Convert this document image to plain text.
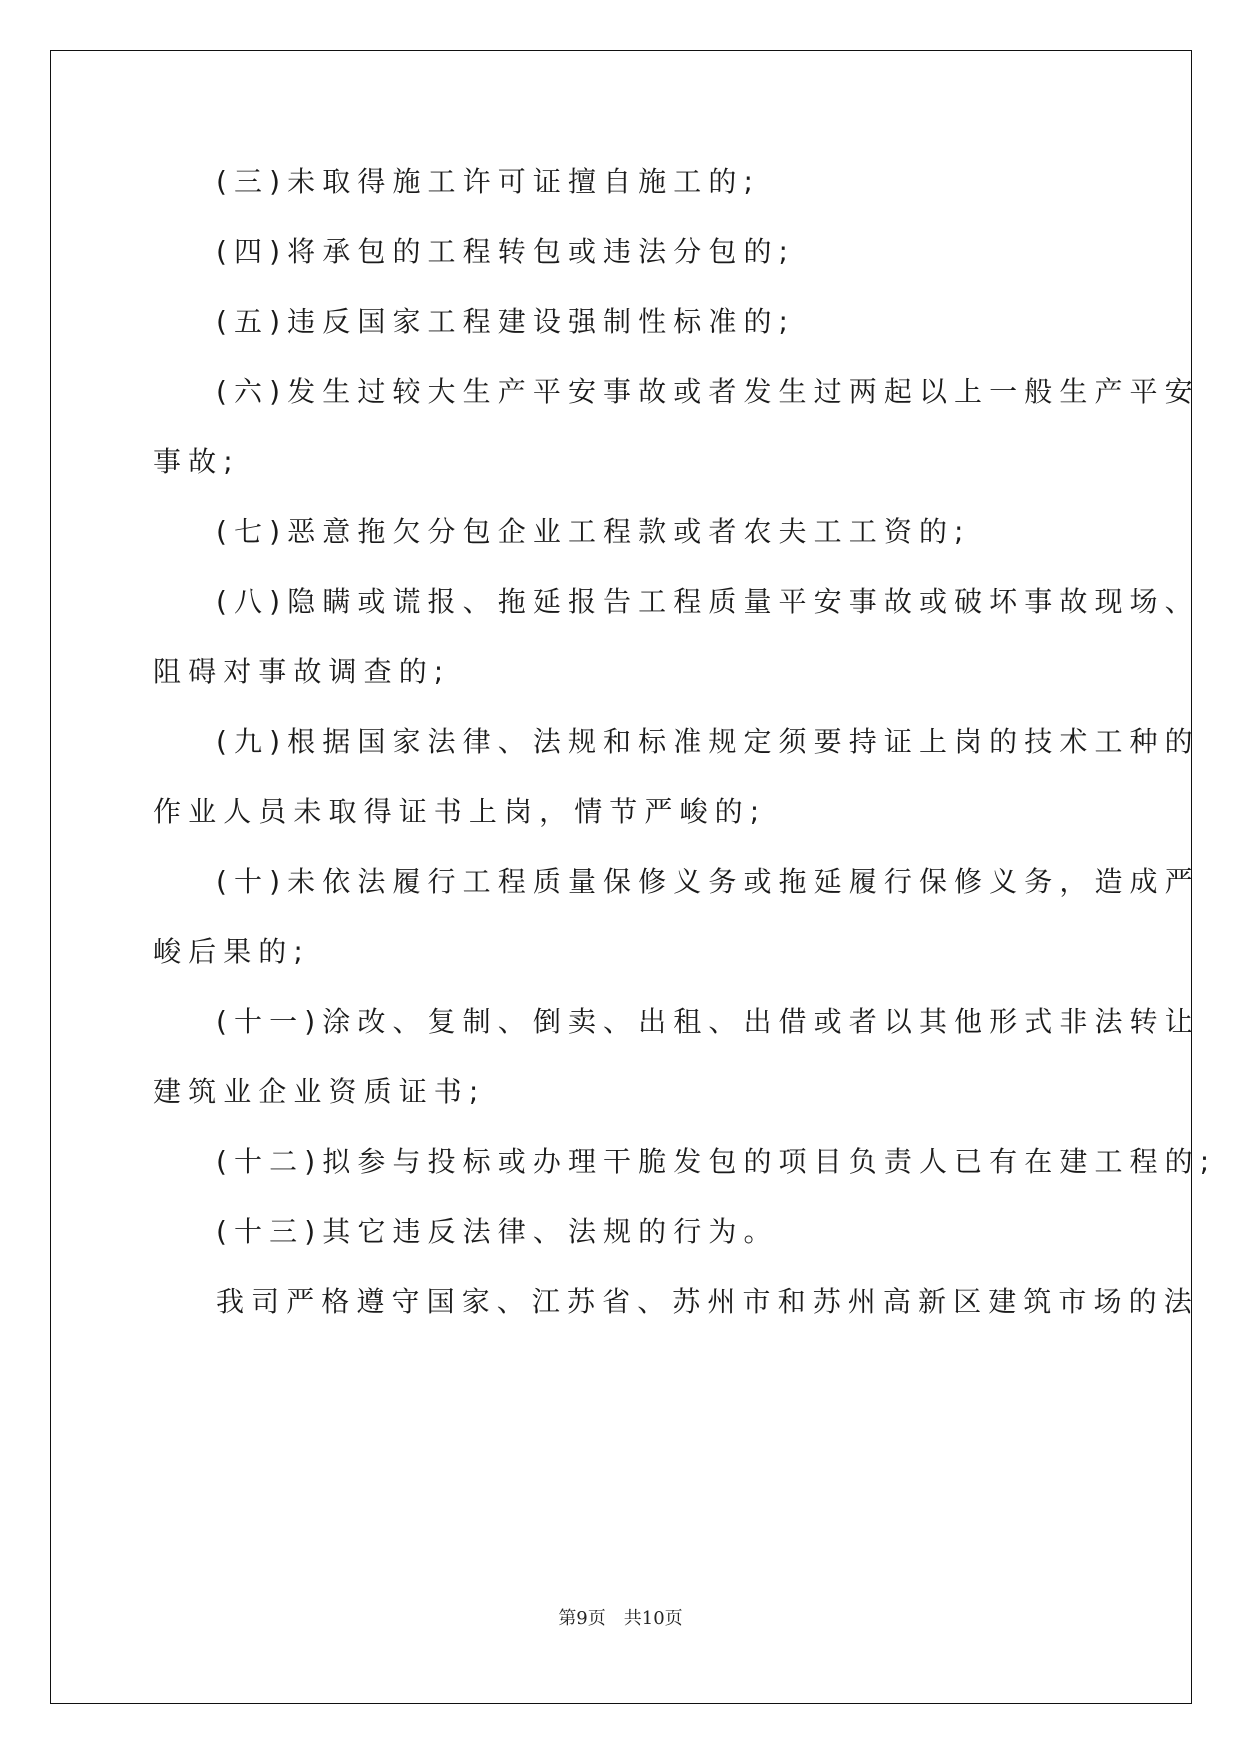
(三)未取得施工许可证擅自施工的;

(四)将承包的工程转包或违法分包的;

(五)违反国家工程建设强制性标准的;

(六)发生过较大生产平安事故或者发生过两起以上一般生产平安

事故;

(七)恶意拖欠分包企业工程款或者农夫工工资的;

(八)隐瞒或谎报、拖延报告工程质量平安事故或破坏事故现场、

阻碍对事故调查的;

(九)根据国家法律、法规和标准规定须要持证上岗的技术工种的

作业人员未取得证书上岗，情节严峻的;

(十)未依法履行工程质量保修义务或拖延履行保修义务，造成严

峻后果的;

(十一)涂改、复制、倒卖、出租、出借或者以其他形式非法转让

建筑业企业资质证书;

(十二)拟参与投标或办理干脆发包的项目负责人已有在建工程的;

(十三)其它违反法律、法规的行为。

我司严格遵守国家、江苏省、苏州市和苏州高新区建筑市场的法

第9页　共10页
